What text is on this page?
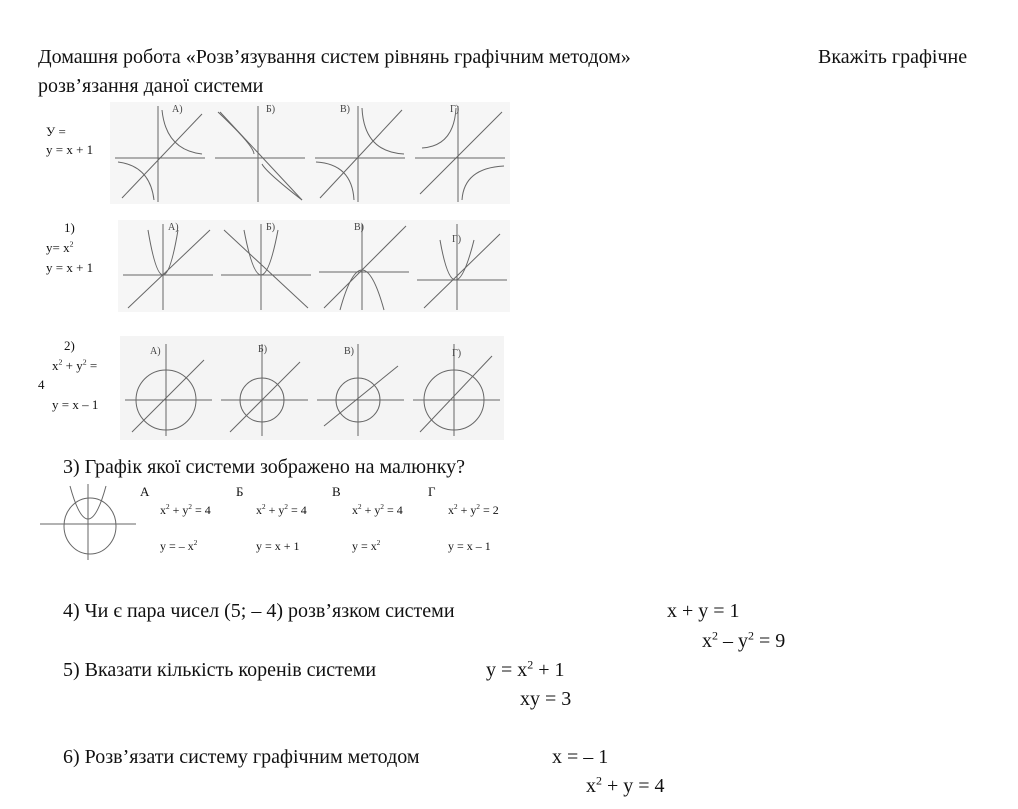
Домашня робота «Розв’язування систем рівнянь графічним методом»	Вкажіть графічне
розв’язання даної системи
У =
y = x + 1
А)	Б)	В)	Г)
1)
$y= x^2$
y = x + 1
А)	Б)	В)
Г)
2)
$x^2 + y^2$ =
4
y = x – 1
А)	Б)	В)	Г)
3) Графік якої системи зображено на малюнку?
А
$x^2 + y^2 = 4$
y = – $x^2$
Б
$x^2 + y^2 = 4$
y = x + 1
В
$x^2 + y^2 = 4$
$y = x^2$
Г
$x^2 + y^2 = 2$
y = x – 1
4) Чи є пара чисел (5; – 4) розв’язком системи	x + y = 1
$x^2 - y^2 = 9$
5) Вказати кількість коренів системи	$y = x^2 + 1$
xy = 3
6) Розв’язати систему графічним методом	x = – 1
$x^2 + y = 4$
